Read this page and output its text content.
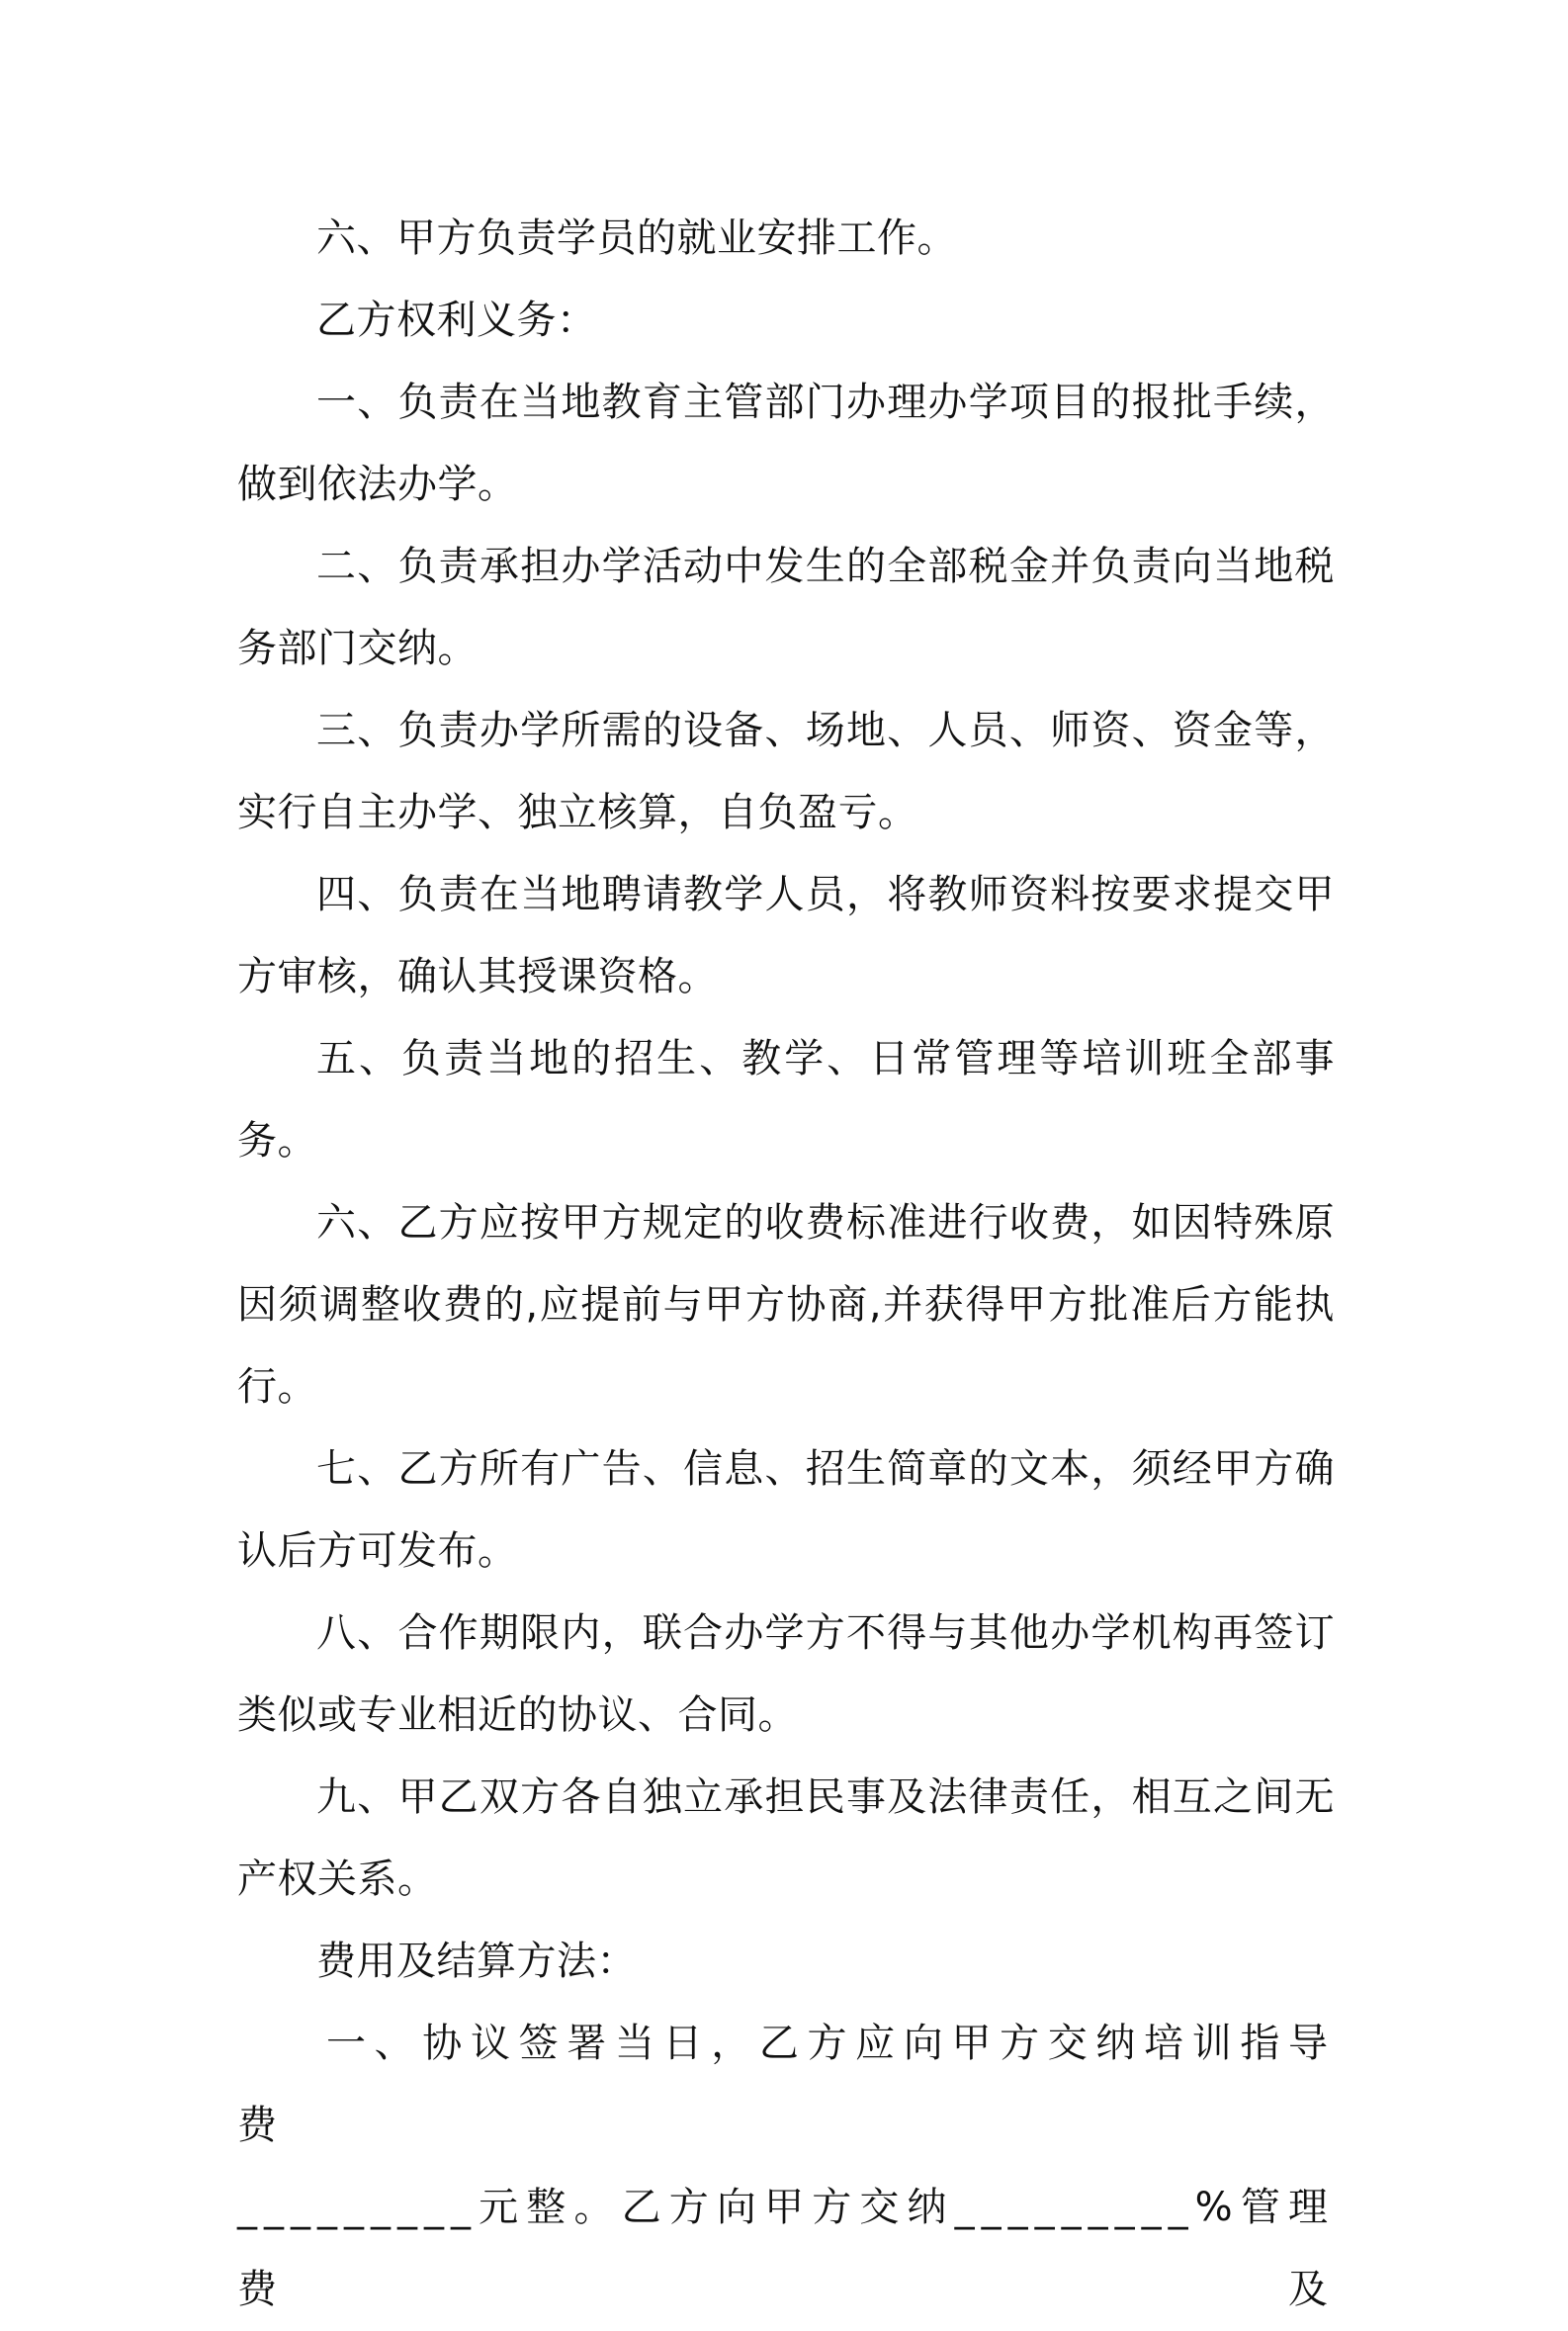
六、甲方负责学员的就业安排工作。

乙方权利义务：

一、负责在当地教育主管部门办理办学项目的报批手续，做到依法办学。

二、负责承担办学活动中发生的全部税金并负责向当地税务部门交纳。

三、负责办学所需的设备、场地、人员、师资、资金等，实行自主办学、独立核算，自负盈亏。

四、负责在当地聘请教学人员，将教师资料按要求提交甲方审核，确认其授课资格。

五、负责当地的招生、教学、日常管理等培训班全部事务。

六、乙方应按甲方规定的收费标准进行收费，如因特殊原因须调整收费的,应提前与甲方协商,并获得甲方批准后方能执行。

七、乙方所有广告、信息、招生简章的文本，须经甲方确认后方可发布。

八、合作期限内，联合办学方不得与其他办学机构再签订类似或专业相近的协议、合同。

九、甲乙双方各自独立承担民事及法律责任，相互之间无产权关系。

费用及结算方法：

一、协议签署当日，乙方应向甲方交纳培训指导费

_________元整。乙方向甲方交纳_________%管理费及
